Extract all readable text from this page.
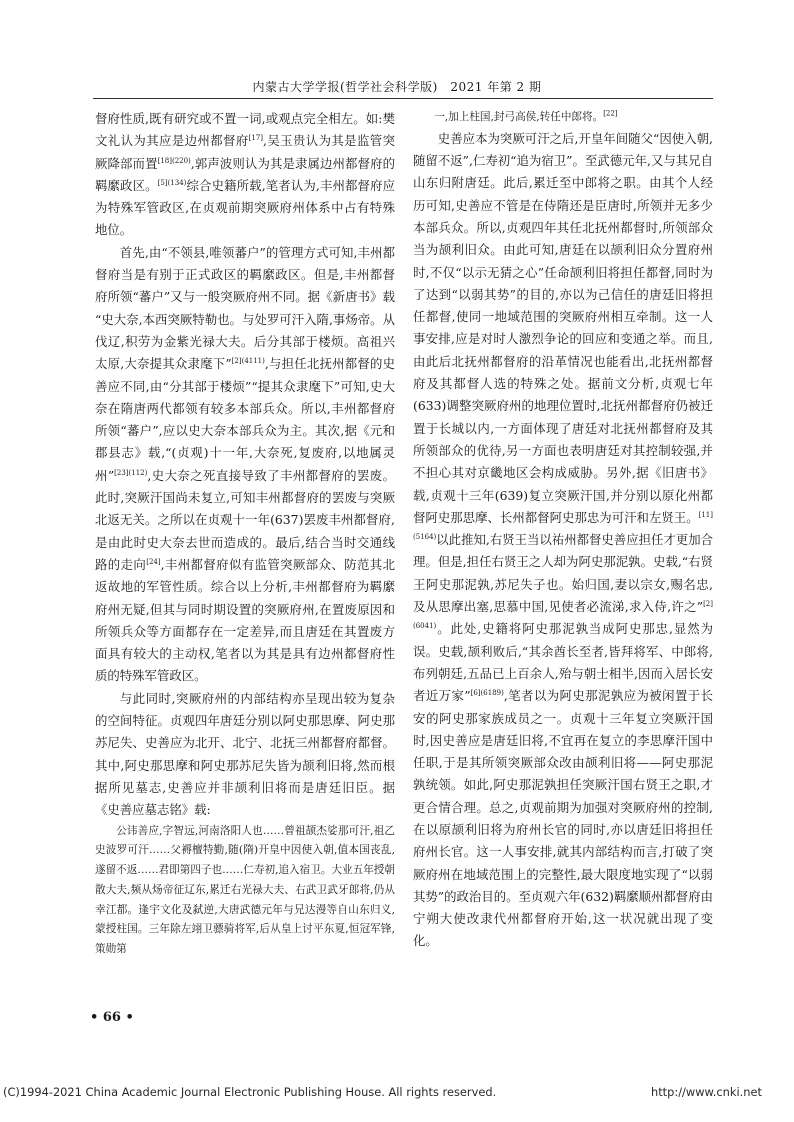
内蒙古大学学报(哲学社会科学版)　2021 年第 2 期

督府性质,既有研究或不置一词,或观点完全相左。如:樊文礼认为其应是边州都督府[17],吴玉贵认为其是监管突厥降部而置$^{[18](220)}$,郭声波则认为其是隶属边州都督府的羁縻政区。$^{[5](134)}$综合史籍所载,笔者认为,丰州都督府应为特殊军管政区,在贞观前期突厥府州体系中占有特殊地位。

首先,由“不领县,唯领蕃户”的管理方式可知,丰州都督府当是有别于正式政区的羁縻政区。但是,丰州都督府所领“蕃户”又与一般突厥府州不同。据《新唐书》载 “史大奈,本西突厥特勒也。与处罗可汗入隋,事炀帝。从伐辽,积劳为金紫光禄大夫。后分其部于楼烦。高祖兴太原,大奈提其众隶麾下”$^{[2](4111)}$,与担任北抚州都督的史善应不同,由“分其部于楼烦”“提其众隶麾下”可知,史大奈在隋唐两代都领有较多本部兵众。所以,丰州都督府所领“蕃户”,应以史大奈本部兵众为主。其次,据《元和郡县志》载,“(贞观)十一年,大奈死,复废府,以地属灵州”$^{[23](112)}$,史大奈之死直接导致了丰州都督府的罢废。此时,突厥汗国尚未复立,可知丰州都督府的罢废与突厥北返无关。之所以在贞观十一年(637)罢废丰州都督府,是由此时史大奈去世而造成的。最后,结合当时交通线路的走向[24],丰州都督府似有监管突厥部众、防范其北返故地的军管性质。综合以上分析,丰州都督府为羁縻府州无疑,但其与同时期设置的突厥府州,在置废原因和所领兵众等方面都存在一定差异,而且唐廷在其置废方面具有较大的主动权,笔者以为其是具有边州都督府性质的特殊军管政区。

与此同时,突厥府州的内部结构亦呈现出较为复杂的空间特征。贞观四年唐廷分别以阿史那思摩、阿史那苏尼失、史善应为北开、北宁、北抚三州都督府都督。其中,阿史那思摩和阿史那苏尼失皆为颉利旧将,然而根据所见墓志,史善应并非颉利旧将而是唐廷旧臣。据《史善应墓志铭》载:

公讳善应,字智远,河南洛阳人也……曾祖颉杰娑那可汗,祖乙史波罗可汗……父褥檀特勤,随(隋)开皇中因使入朝,值本国丧乱,遂留不返……君即第四子也……仁寿初,追入宿卫。大业五年授朝散大夫,频从炀帝征辽东,累迁右光禄大夫、右武卫武牙郎将,仍从幸江都。逢宇文化及弑逆,大唐武德元年与兄达漫等自山东归义,蒙授柱国。三年除左翊卫骠骑将军,后从皇上讨平东夏,恒冠军锋,策勋第

一,加上柱国,封弓高侯,转任中郎将。[22]

史善应本为突厥可汗之后,开皇年间随父“因使入朝,随留不返”,仁寿初“追为宿卫”。至武德元年,又与其兄自山东归附唐廷。此后,累迁至中郎将之职。由其个人经历可知,史善应不管是在侍隋还是臣唐时,所领并无多少本部兵众。所以,贞观四年其任北抚州都督时,所领部众当为颉利旧众。由此可知,唐廷在以颉利旧众分置府州时,不仅“以示无猜之心”任命颉利旧将担任都督,同时为了达到“以弱其势”的目的,亦以为己信任的唐廷旧将担任都督,使同一地域范围的突厥府州相互牵制。这一人事安排,应是对时人激烈争论的回应和变通之举。而且,由此后北抚州都督府的沿革情况也能看出,北抚州都督府及其都督人选的特殊之处。据前文分析,贞观七年(633)调整突厥府州的地理位置时,北抚州都督府仍被迁置于长城以内,一方面体现了唐廷对北抚州都督府及其所领部众的优待,另一方面也表明唐廷对其控制较强,并不担心其对京畿地区会构成威胁。另外,据《旧唐书》载,贞观十三年(639)复立突厥汗国,并分别以原化州都督阿史那思摩、长州都督阿史那忠为可汗和左贤王。$^{[11](5164)}$以此推知,右贤王当以祐州都督史善应担任才更加合理。但是,担任右贤王之人却为阿史那泥孰。史载,“右贤王阿史那泥孰,苏尼失子也。始归国,妻以宗女,赐名忠,及从思摩出塞,思慕中国,见使者必流涕,求入侍,许之”$^{[2](6041)}$。此处,史籍将阿史那泥孰当成阿史那忠,显然为误。史载,颉利败后,“其余酋长至者,皆拜将军、中郎将,布列朝廷,五品已上百余人,殆与朝士相半,因而入居长安者近万家”$^{[6](6189)}$,笔者以为阿史那泥孰应为被闲置于长安的阿史那家族成员之一。贞观十三年复立突厥汗国时,因史善应是唐廷旧将,不宜再在复立的李思摩汗国中任职,于是其所领突厥部众改由颉利旧将——阿史那泥孰统领。如此,阿史那泥孰担任突厥汗国右贤王之职,才更合情合理。总之,贞观前期为加强对突厥府州的控制,在以原颉利旧将为府州长官的同时,亦以唐廷旧将担任府州长官。这一人事安排,就其内部结构而言,打破了突厥府州在地域范围上的完整性,最大限度地实现了“以弱其势”的政治目的。至贞观六年(632)羁縻顺州都督府由宁朔大使改隶代州都督府开始,这一状况就出现了变化。

• 66 •
(C)1994-2021 China Academic Journal Electronic Publishing House. All rights reserved.	http://www.cnki.net
